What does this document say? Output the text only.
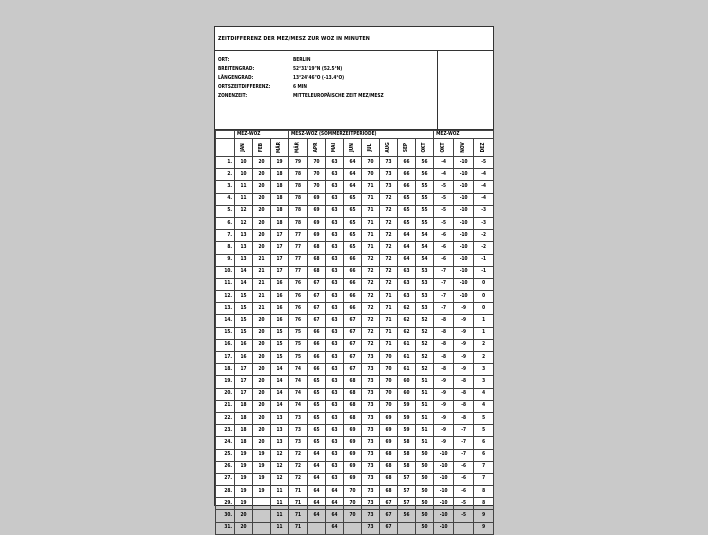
ZEITDIFFERENZ DER MEZ/MESZ ZUR WOZ IN MINUTEN
ORT:	BERLIN
BREITENGRAD:	52°31'19"N (52.5°N)
LÄNGENGRAD:	13°24'46"O (-13.4°O)
ORTSZEITDIFFERENZ:	6 MIN
ZONENZEIT:	MITTELEUROPÄISCHE ZEIT MEZ/MESZ
	MEZ-WOZ			MESZ-WOZ (SOMMERZEITPERIODE)								MEZ-WOZ		

	JAN	FEB	MÄR	MÄR	APR	MAI	JUN	JUL	AUG	SEP	OKT	OKT	NOV	DEZ

1.	10	20	19	79	70	63	64	70	73	66	56	-4	-10	-5
2.	10	20	18	78	70	63	64	70	73	66	56	-4	-10	-4
3.	11	20	18	78	70	63	64	71	73	66	55	-5	-10	-4
4.	11	20	18	78	69	63	65	71	72	65	55	-5	-10	-4
5.	12	20	18	78	69	63	65	71	72	65	55	-5	-10	-3
6.	12	20	18	78	69	63	65	71	72	65	55	-5	-10	-3
7.	13	20	17	77	69	63	65	71	72	64	54	-6	-10	-2
8.	13	20	17	77	68	63	65	71	72	64	54	-6	-10	-2
9.	13	21	17	77	68	63	66	72	72	64	54	-6	-10	-1
10.	14	21	17	77	68	63	66	72	72	63	53	-7	-10	-1
11.	14	21	16	76	67	63	66	72	72	63	53	-7	-10	0
12.	15	21	16	76	67	63	66	72	71	63	53	-7	-10	0
13.	15	21	16	76	67	63	66	72	71	62	53	-7	-9	0
14.	15	20	16	76	67	63	67	72	71	62	52	-8	-9	1
15.	15	20	15	75	66	63	67	72	71	62	52	-8	-9	1
16.	16	20	15	75	66	63	67	72	71	61	52	-8	-9	2
17.	16	20	15	75	66	63	67	73	70	61	52	-8	-9	2
18.	17	20	14	74	66	63	67	73	70	61	52	-8	-9	3
19.	17	20	14	74	65	63	68	73	70	60	51	-9	-8	3
20.	17	20	14	74	65	63	68	73	70	60	51	-9	-8	4
21.	18	20	14	74	65	63	68	73	70	59	51	-9	-8	4
22.	18	20	13	73	65	63	68	73	69	59	51	-9	-8	5
23.	18	20	13	73	65	63	69	73	69	59	51	-9	-7	5
24.	18	20	13	73	65	63	69	73	69	58	51	-9	-7	6
25.	19	19	12	72	64	63	69	73	68	58	50	-10	-7	6
26.	19	19	12	72	64	63	69	73	68	58	50	-10	-6	7
27.	19	19	12	72	64	63	69	73	68	57	50	-10	-6	7
28.	19	19	11	71	64	64	70	73	68	57	50	-10	-6	8
29.	19		11	71	64	64	70	73	67	57	50	-10	-5	8
30.	20		11	71	64	64	70	73	67	56	50	-10	-5	9
31.	20		11	71		64		73	67		50	-10		9
